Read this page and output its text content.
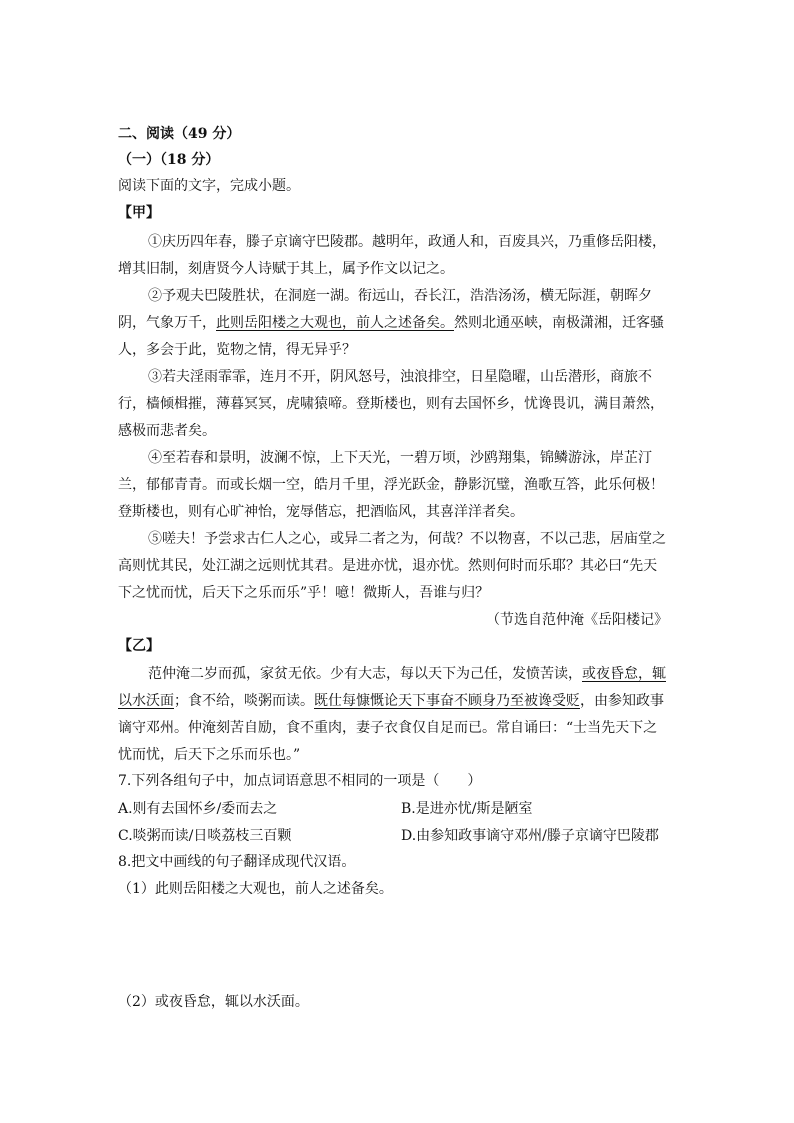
二、阅读（49 分）
（一）（18 分）
阅读下面的文字，完成小题。
【甲】
①庆历四年春，滕子京谪守巴陵郡。越明年，政通人和，百废具兴，乃重修岳阳楼，
增其旧制，刻唐贤今人诗赋于其上，属予作文以记之。
②予观夫巴陵胜状，在洞庭一湖。衔远山，吞长江，浩浩汤汤，横无际涯，朝晖夕
阴，气象万千，此则岳阳楼之大观也，前人之述备矣。然则北通巫峡，南极潇湘，迁客骚
人，多会于此，览物之情，得无异乎？
③若夫淫雨霏霏，连月不开，阴风怒号，浊浪排空，日星隐曜，山岳潜形，商旅不
行，樯倾楫摧，薄暮冥冥，虎啸猿啼。登斯楼也，则有去国怀乡，忧谗畏讥，满目萧然，
感极而悲者矣。
④至若春和景明，波澜不惊，上下天光，一碧万顷，沙鸥翔集，锦鳞游泳，岸芷汀
兰，郁郁青青。而或长烟一空，皓月千里，浮光跃金，静影沉璧，渔歌互答，此乐何极！
登斯楼也，则有心旷神怡，宠辱偕忘，把酒临风，其喜洋洋者矣。
⑤嗟夫！予尝求古仁人之心，或异二者之为，何哉？不以物喜，不以己悲，居庙堂之
高则忧其民，处江湖之远则忧其君。是进亦忧，退亦忧。然则何时而乐耶？其必曰“先天
下之忧而忧，后天下之乐而乐”乎！噫！微斯人，吾谁与归？
（节选自范仲淹《岳阳楼记》
【乙】
范仲淹二岁而孤，家贫无依。少有大志，每以天下为己任，发愤苦读，或夜昏怠，辄
以水沃面；食不给，啖粥而读。既仕每慷慨论天下事奋不顾身乃至被谗受贬，由参知政事
谪守邓州。仲淹刻苦自励，食不重肉，妻子衣食仅自足而已。常自诵曰：“士当先天下之
忧而忧，后天下之乐而乐也。”
7.下列各组句子中，加点词语意思不相同的一项是（　　）
A.则有去国怀乡/委而去之	B.是进亦忧/斯是陋室
C.啖粥而读/日啖荔枝三百颗	D.由参知政事谪守邓州/滕子京谪守巴陵郡
8.把文中画线的句子翻译成现代汉语。
（1）此则岳阳楼之大观也，前人之述备矣。
（2）或夜昏怠，辄以水沃面。
